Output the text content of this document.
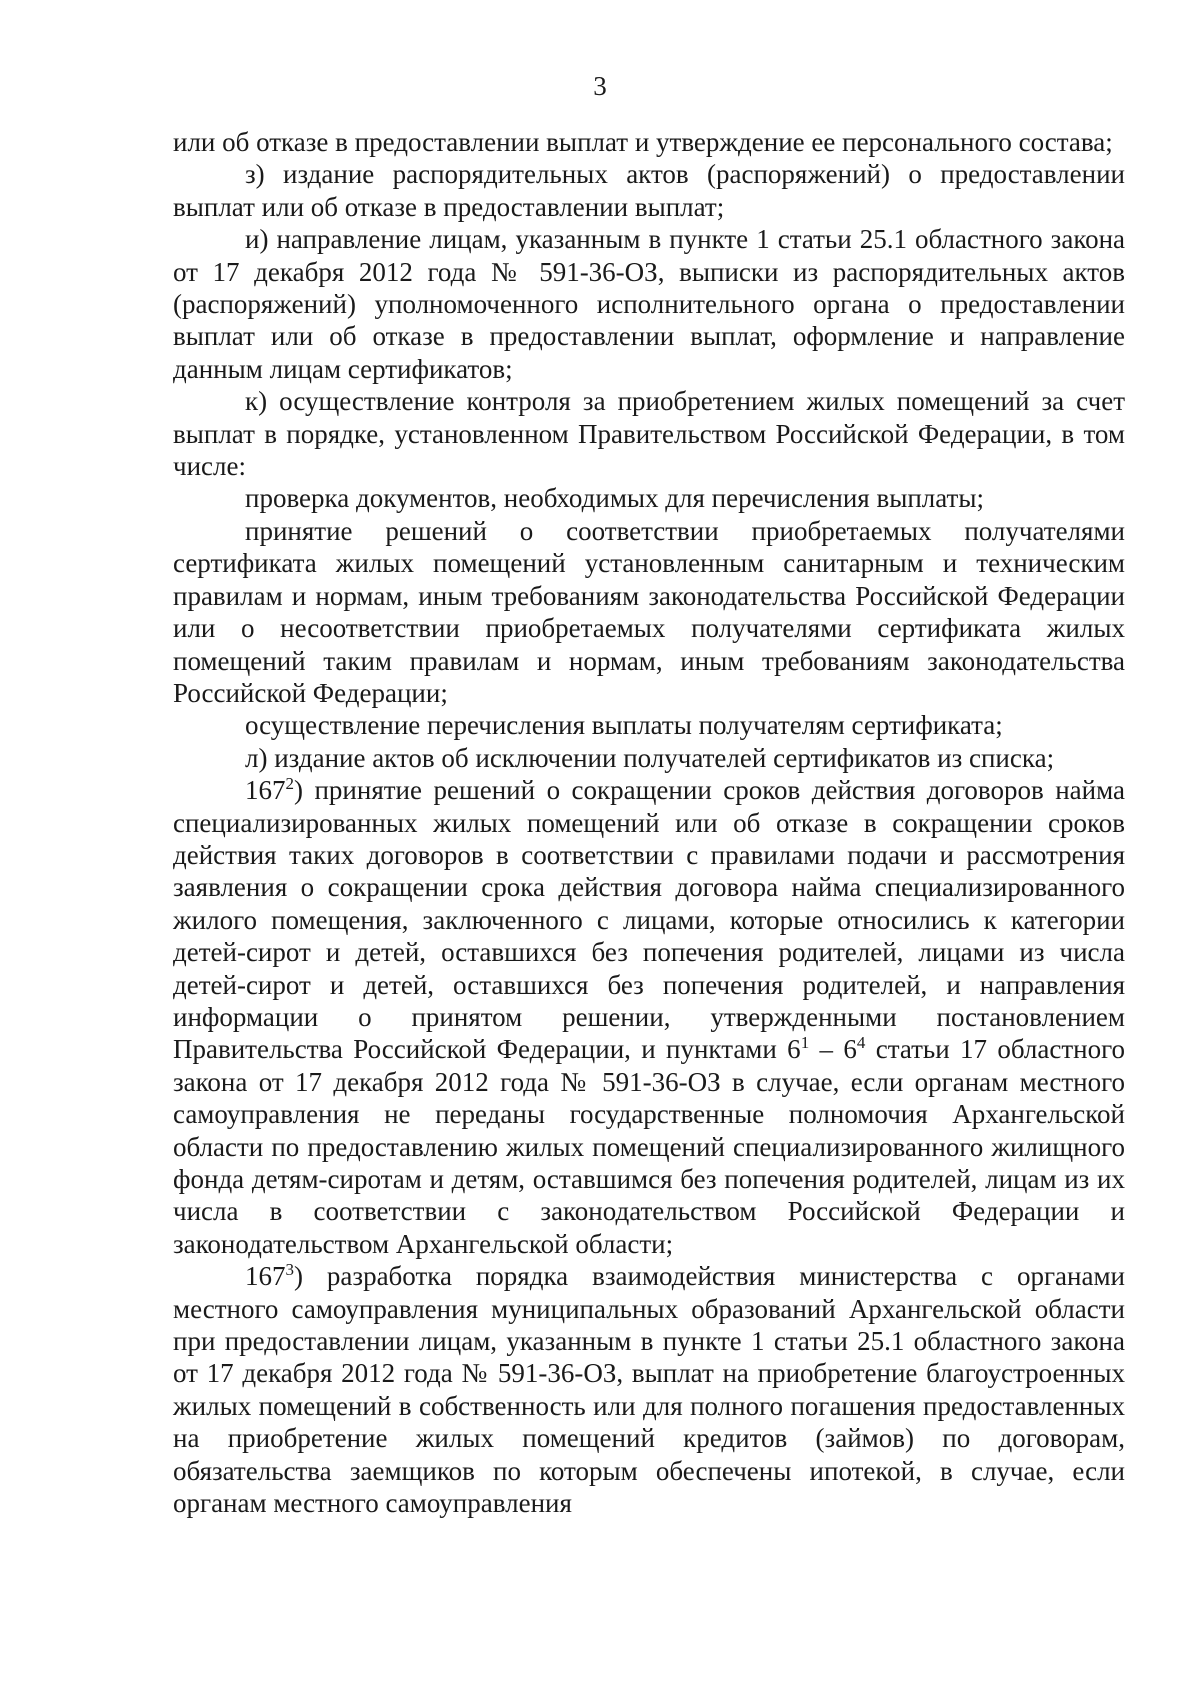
3

или об отказе в предоставлении выплат и утверждение ее персонального состава;

з) издание распорядительных актов (распоряжений) о предоставлении выплат или об отказе в предоставлении выплат;

и) направление лицам, указанным в пункте 1 статьи 25.1 областного закона от 17 декабря 2012 года № 591-36-ОЗ, выписки из распорядительных актов (распоряжений) уполномоченного исполнительного органа о предоставлении выплат или об отказе в предоставлении выплат, оформление и направление данным лицам сертификатов;

к) осуществление контроля за приобретением жилых помещений за счет выплат в порядке, установленном Правительством Российской Федерации, в том числе:

проверка документов, необходимых для перечисления выплаты;

принятие решений о соответствии приобретаемых получателями сертификата жилых помещений установленным санитарным и техническим правилам и нормам, иным требованиям законодательства Российской Федерации или о несоответствии приобретаемых получателями сертификата жилых помещений таким правилам и нормам, иным требованиям законодательства Российской Федерации;

осуществление перечисления выплаты получателям сертификата;

л) издание актов об исключении получателей сертификатов из списка;

$167^2$) принятие решений о сокращении сроков действия договоров найма специализированных жилых помещений или об отказе в сокращении сроков действия таких договоров в соответствии с правилами подачи и рассмотрения заявления о сокращении срока действия договора найма специализированного жилого помещения, заключенного с лицами, которые относились к категории детей-сирот и детей, оставшихся без попечения родителей, лицами из числа детей-сирот и детей, оставшихся без попечения родителей, и направления информации о принятом решении, утвержденными постановлением Правительства Российской Федерации, и пунктами $6^1 - 6^4$ статьи 17 областного закона от 17 декабря 2012 года № 591-36-ОЗ в случае, если органам местного самоуправления не переданы государственные полномочия Архангельской области по предоставлению жилых помещений специализированного жилищного фонда детям-сиротам и детям, оставшимся без попечения родителей, лицам из их числа в соответствии с законодательством Российской Федерации и законодательством Архангельской области;

$167^3$) разработка порядка взаимодействия министерства с органами местного самоуправления муниципальных образований Архангельской области при предоставлении лицам, указанным в пункте 1 статьи 25.1 областного закона от 17 декабря 2012 года № 591-36-ОЗ, выплат на приобретение благоустроенных жилых помещений в собственность или для полного погашения предоставленных на приобретение жилых помещений кредитов (займов) по договорам, обязательства заемщиков по которым обеспечены ипотекой, в случае, если органам местного самоуправления
